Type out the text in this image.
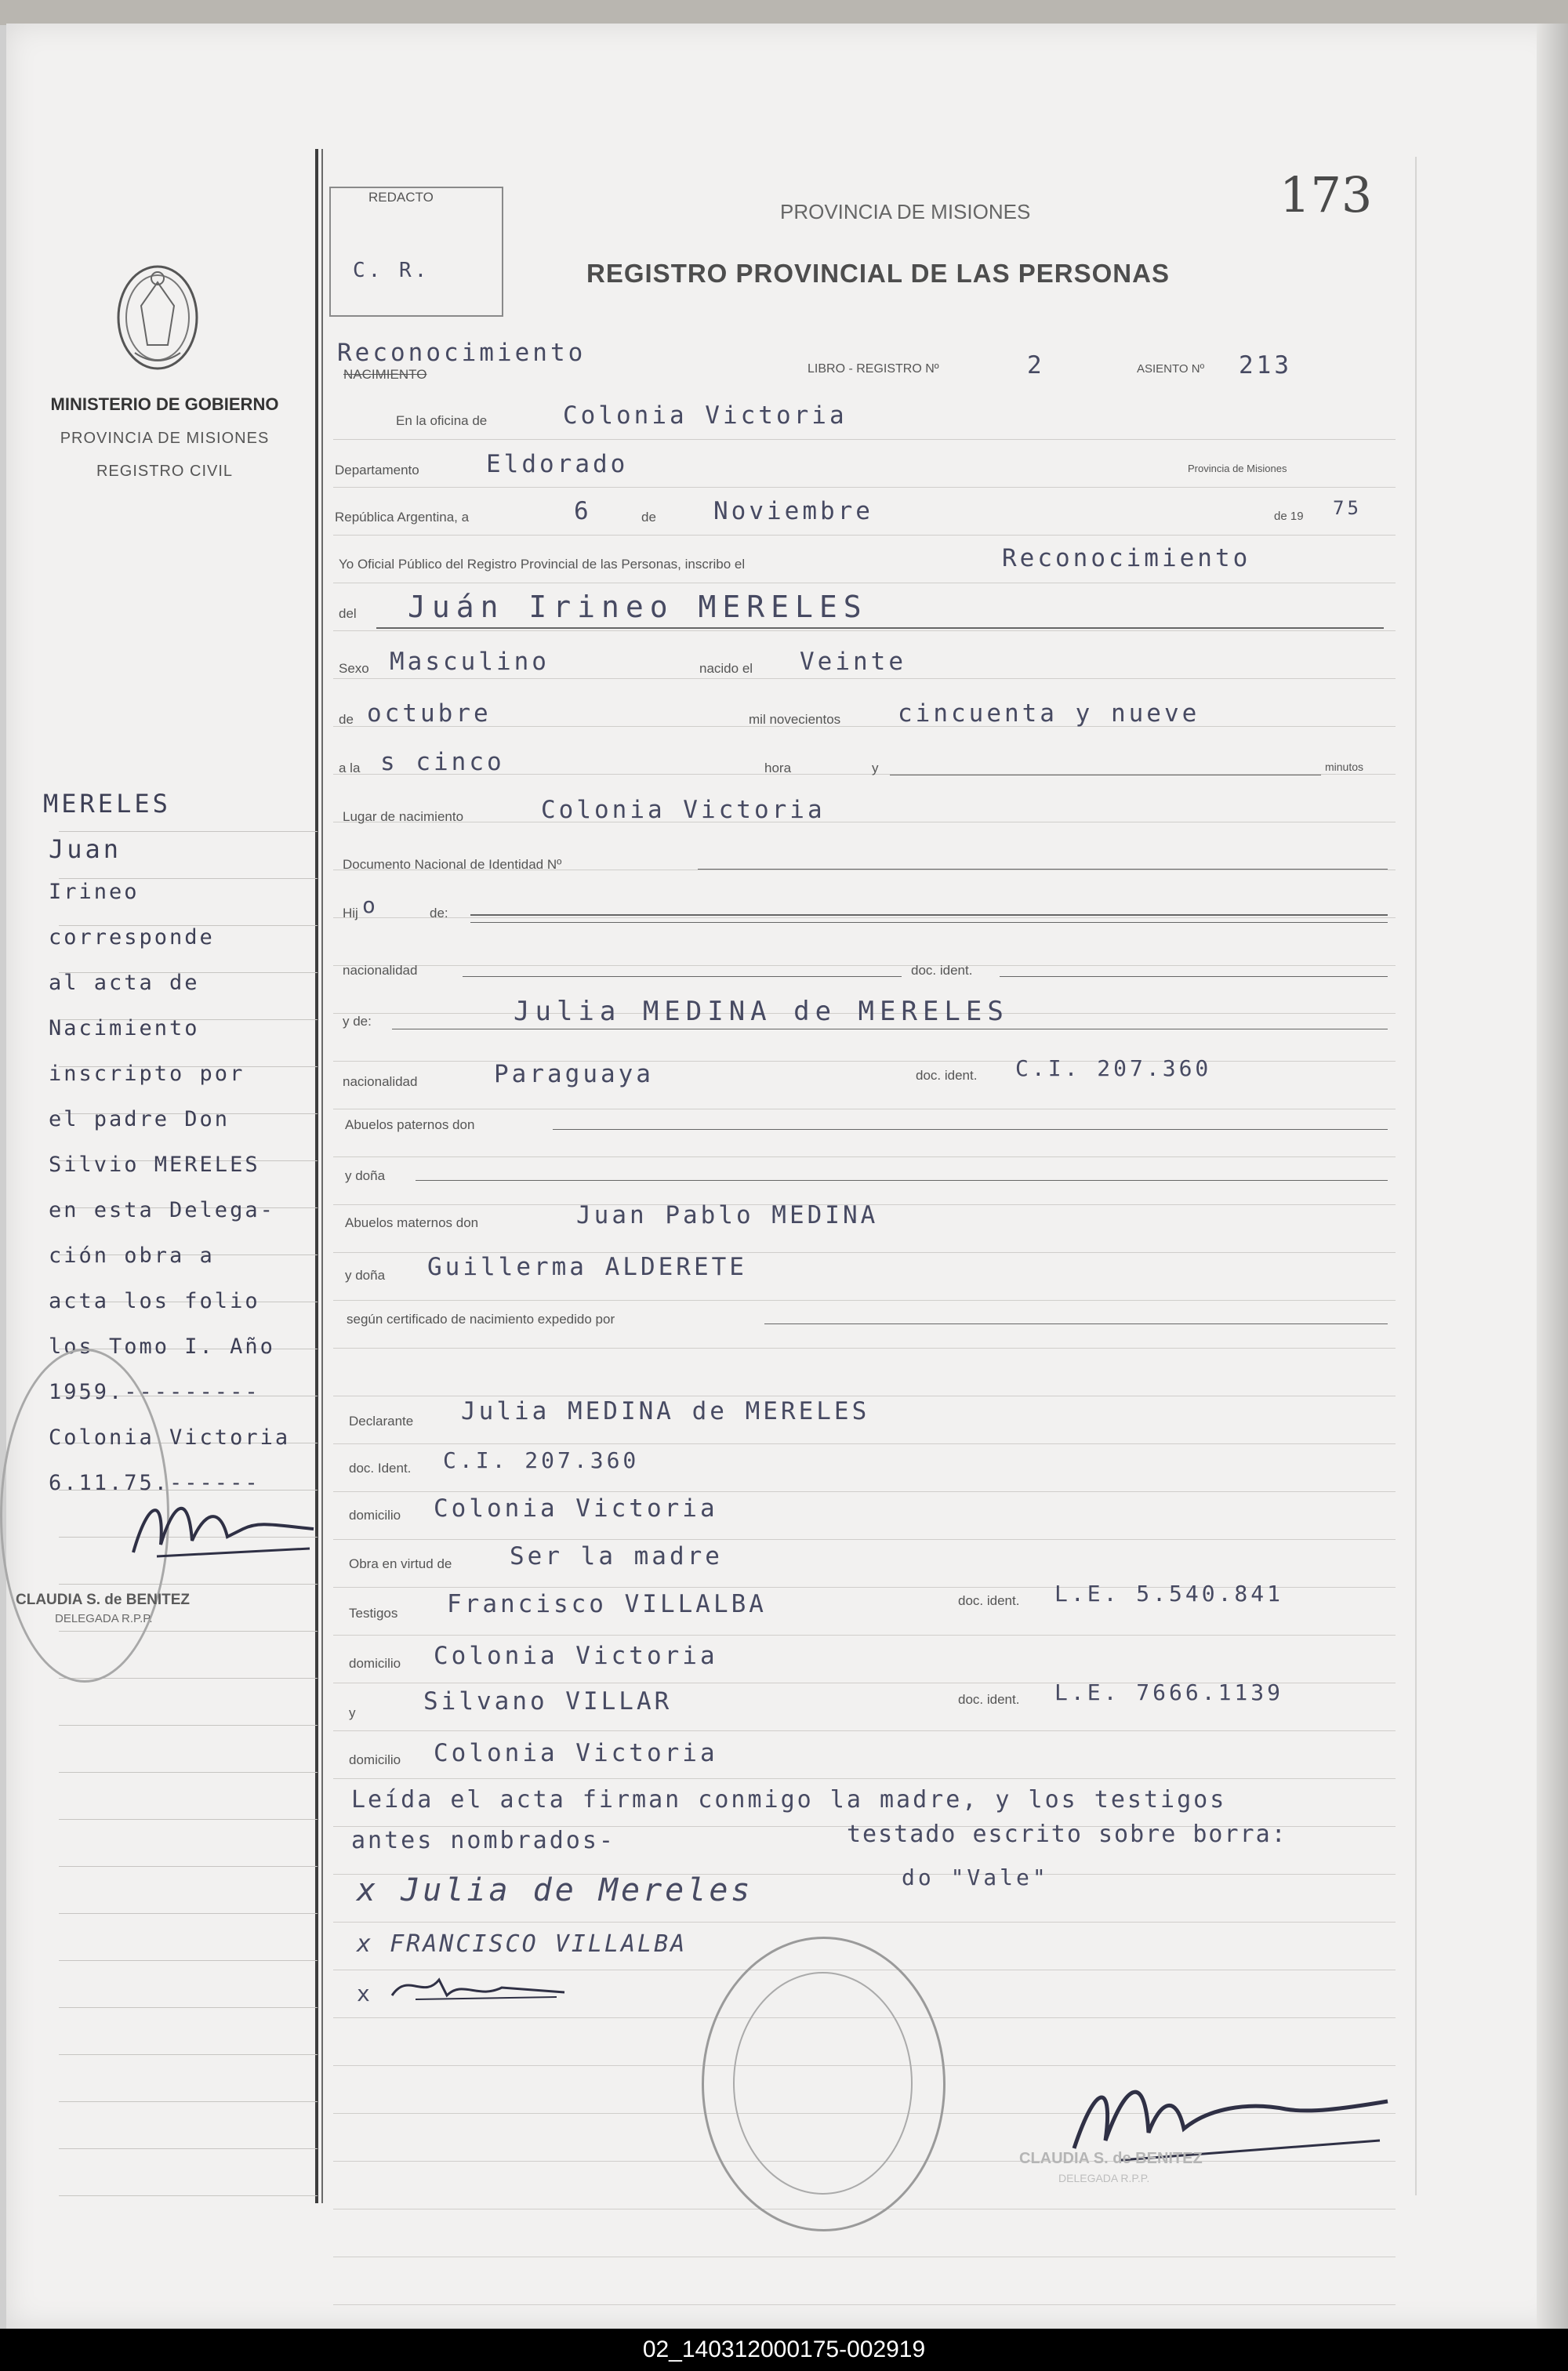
MINISTERIO DE GOBIERNO
PROVINCIA DE MISIONES
REGISTRO CIVIL
MERELES
Juan
Irineo
corresponde
al acta de
Nacimiento
inscripto por
el padre Don
Silvio MERELES
en esta Delega-
ción obra a
acta los folio
los Tomo I. Año
1959.---------
Colonia Victoria
6.11.75.------
CLAUDIA S. de BENITEZ
DELEGADA R.P.P.
REDACTO
C. R.
PROVINCIA DE MISIONES
REGISTRO PROVINCIAL DE LAS PERSONAS
173
NACIMIENTO
Reconocimiento
LIBRO - REGISTRO Nº	2	ASIENTO Nº 213
En la oficina de	Colonia Victoria
Departamento	Eldorado	Provincia de Misiones
República Argentina, a	6	de Noviembre	de 19 75
Yo Oficial Público del Registro Provincial de las Personas, inscribo el	Reconocimiento
del Juán Irineo MERELES
Sexo Masculino	nacido el Veinte
de octubre	mil novecientos cincuenta y nueve
a la s cinco	hora	y	minutos
Lugar de nacimiento	Colonia Victoria
Documento Nacional de Identidad Nº
Hij o	de:
nacionalidad	doc. ident.
y de:	Julia MEDINA de MERELES
nacionalidad	Paraguaya	doc. ident. C.I. 207.360
Abuelos paternos don
y doña
Abuelos maternos don	Juan Pablo MEDINA
y doña Guillerma ALDERETE
según certificado de nacimiento expedido por
Declarante Julia MEDINA de MERELES
doc. Ident. C.I. 207.360
domicilio Colonia Victoria
Obra en virtud de Ser la madre
Testigos Francisco VILLALBA	doc. ident. L.E. 5.540.841
domicilio Colonia Victoria
y	Silvano VILLAR	doc. ident. L.E. 7666.1139
domicilio Colonia Victoria
Leída el acta firman conmigo la madre, y los testigos
antes nombrados-	testado escrito sobre borra:
x Julia de Mereles	do "Vale"
x FRANCISCO VILLALBA
x
CLAUDIA S. de BENITEZ
DELEGADA R.P.P.
02_140312000175-002919
